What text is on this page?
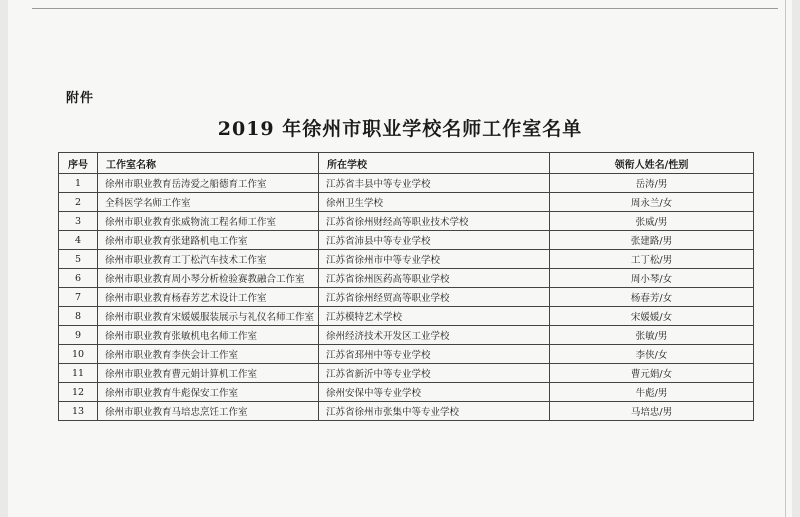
附件
2019 年徐州市职业学校名师工作室名单
序号	工作室名称	所在学校	领衔人姓名/性别
1	徐州市职业教育岳涛爱之船德育工作室	江苏省丰县中等专业学校	岳涛/男
2	全科医学名师工作室	徐州卫生学校	周永兰/女
3	徐州市职业教育张威物流工程名师工作室	江苏省徐州财经高等职业技术学校	张威/男
4	徐州市职业教育张建路机电工作室	江苏省沛县中等专业学校	张建路/男
5	徐州市职业教育工丁松汽车技术工作室	江苏省徐州市中等专业学校	工丁松/男
6	徐州市职业教育周小琴分析检验赛教融合工作室	江苏省徐州医药高等职业学校	周小琴/女
7	徐州市职业教育杨春芳艺术设计工作室	江苏省徐州经贸高等职业学校	杨春芳/女
8	徐州市职业教育宋媛媛服装展示与礼仪名师工作室	江苏模特艺术学校	宋媛媛/女
9	徐州市职业教育张敏机电名师工作室	徐州经济技术开发区工业学校	张敏/男
10	徐州市职业教育李侠会计工作室	江苏省邳州中等专业学校	李侠/女
11	徐州市职业教育曹元娟计算机工作室	江苏省新沂中等专业学校	曹元娟/女
12	徐州市职业教育牛彪保安工作室	徐州安保中等专业学校	牛彪/男
13	徐州市职业教育马培忠烹饪工作室	江苏省徐州市张集中等专业学校	马培忠/男
